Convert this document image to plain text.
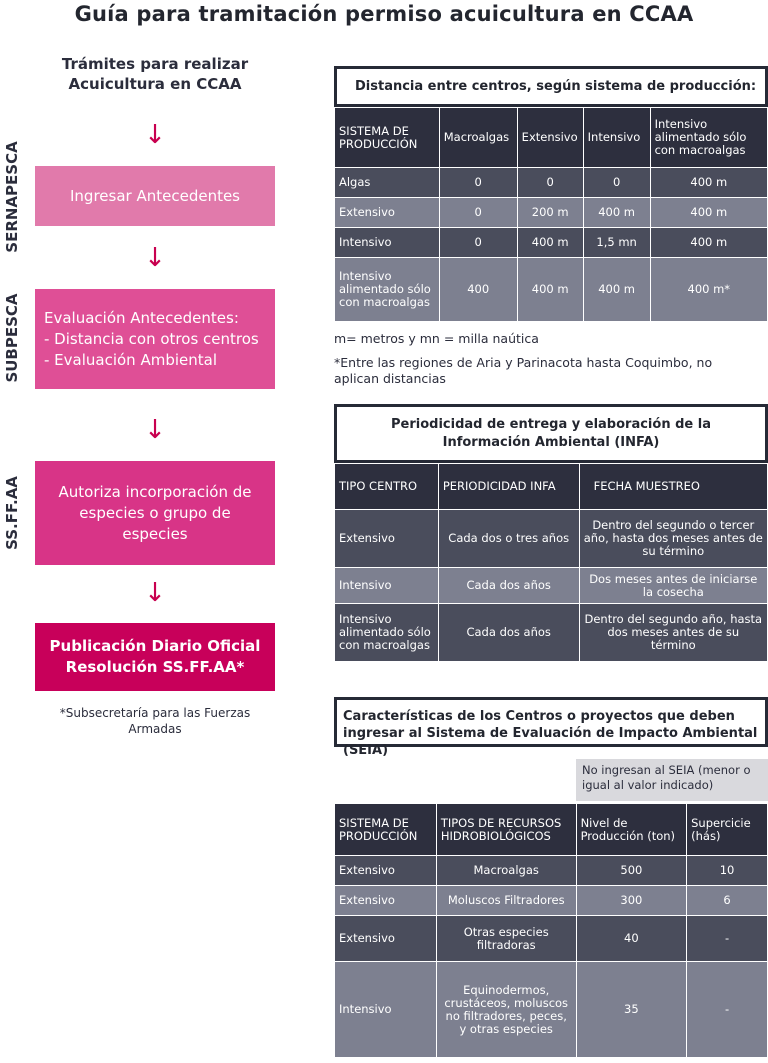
Guía para tramitación permiso acuicultura en CCAA
Trámites para realizar Acuicultura en CCAA
↓
Ingresar Antecedentes
↓
Evaluación Antecedentes:
- Distancia con otros centros
- Evaluación Ambiental
↓
Autoriza incorporación de especies o grupo de especies
↓
Publicación Diario Oficial
Resolución SS.FF.AA*
*Subsecretaría para las Fuerzas Armadas
SERNAPESCA
SUBPESCA
SS.FF.AA
Distancia entre centros, según sistema de producción:
SISTEMA DE PRODUCCIÓN	Macroalgas	Extensivo	Intensivo	Intensivo alimentado sólo con macroalgas
Algas	0	0	0	400 m
Extensivo	0	200 m	400 m	400 m
Intensivo	0	400 m	1,5 mn	400 m
Intensivo alimentado sólo con macroalgas	400	400 m	400 m	400 m*
m= metros y mn = milla naútica
*Entre las regiones de Aria y Parinacota hasta Coquimbo, no aplican distancias
Periodicidad de entrega y elaboración de la Información Ambiental (INFA)
TIPO CENTRO	PERIODICIDAD INFA	FECHA MUESTREO
Extensivo	Cada dos o tres años	Dentro del segundo o tercer año, hasta dos meses antes de su término
Intensivo	Cada dos años	Dos meses antes de iniciarse la cosecha
Intensivo alimentado sólo con macroalgas	Cada dos años	Dentro del segundo año, hasta dos meses antes de su término
Características de los Centros o proyectos que deben ingresar al Sistema de Evaluación de Impacto Ambiental (SEIA)
No ingresan al SEIA (menor o igual al valor indicado)
SISTEMA DE PRODUCCIÓN	TIPOS DE RECURSOS HIDROBIOLÓGICOS	Nivel de Producción (ton)	Supercicie (hás)
Extensivo	Macroalgas	500	10
Extensivo	Moluscos Filtradores	300	6
Extensivo	Otras especies filtradoras	40	-
Intensivo	Equinodermos, crustáceos, moluscos no filtradores, peces, y otras especies	35	-
